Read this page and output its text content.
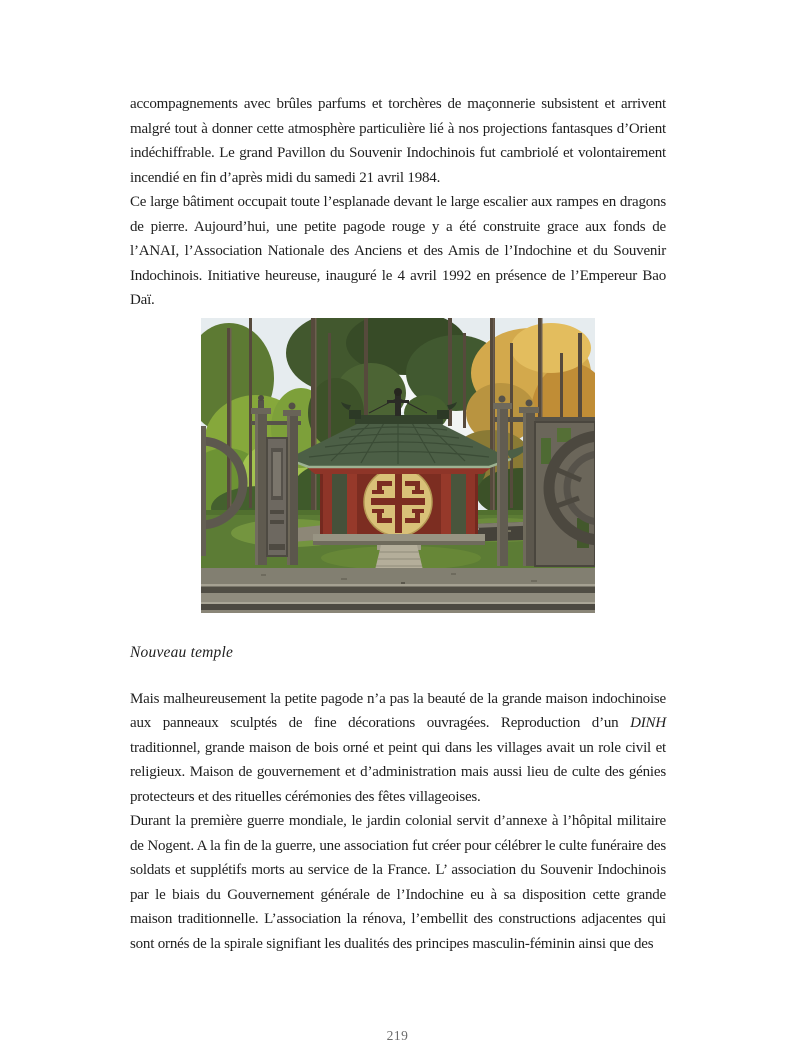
accompagnements avec brûles parfums et torchères de maçonnerie subsistent et arrivent malgré tout à donner cette atmosphère particulière lié à nos projections fantasques d’Orient indéchiffrable. Le grand Pavillon du Souvenir Indochinois fut cambriolé et volontairement incendié en fin d’après midi du samedi 21 avril 1984.

Ce large bâtiment occupait toute l’esplanade devant le large escalier aux rampes en dragons de pierre. Aujourd’hui, une petite pagode rouge y a été construite grace aux fonds de l’ANAI, l’Association Nationale des Anciens et des Amis de l’Indochine et du Souvenir Indochinois. Initiative heureuse, inauguré le 4 avril 1992 en présence de l’Empereur Bao Daï.

Nouveau temple

Mais malheureusement la petite pagode n’a pas la beauté de la grande maison indochinoise aux panneaux sculptés de fine décorations ouvragées. Reproduction d’un DINH traditionnel, grande maison de bois orné et peint qui dans les villages avait un role civil et religieux. Maison de gouvernement et d’administration mais aussi lieu de culte des génies protecteurs et des rituelles cérémonies des fêtes villageoises.

Durant la première guerre mondiale, le jardin colonial servit d’annexe à l’hôpital militaire de Nogent. A la fin de la guerre, une association fut créer pour célébrer le culte funéraire des soldats et supplétifs morts au service de la France. L’ association du Souvenir Indochinois par le biais du Gouvernement générale de l’Indochine eu à sa disposition cette grande maison traditionnelle. L’association la rénova, l’embellit des constructions adjacentes qui sont ornés de la spirale signifiant les dualités des principes masculin-féminin ainsi que des

219
